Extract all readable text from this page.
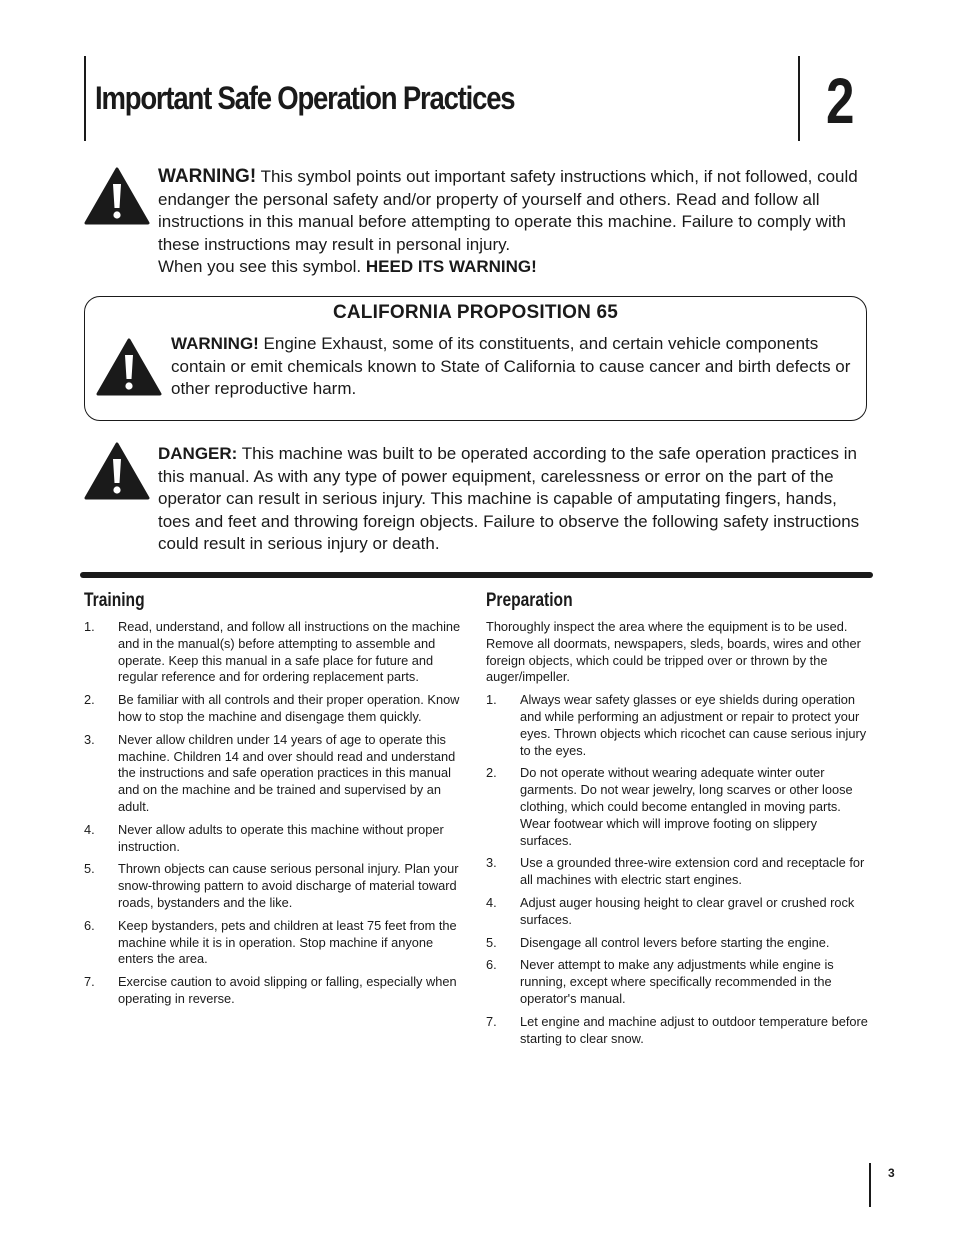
Important Safe Operation Practices	2
WARNING! This symbol points out important safety instructions which, if not followed, could endanger the personal safety and/or property of yourself and others. Read and follow all instructions in this manual before attempting to operate this machine. Failure to comply with these instructions may result in personal injury.
When you see this symbol. HEED ITS WARNING!
CALIFORNIA PROPOSITION 65
WARNING! Engine Exhaust, some of its constituents, and certain vehicle components contain or emit chemicals known to State of California to cause cancer and birth defects or other reproductive harm.
DANGER: This machine was built to be operated according to the safe operation practices in this manual. As with any type of power equipment, carelessness or error on the part of the operator can result in serious injury. This machine is capable of amputating fingers, hands, toes and feet and throwing foreign objects. Failure to observe the following safety instructions could result in serious injury or death.
Training
1.	Read, understand, and follow all instructions on the machine and in the manual(s) before attempting to assemble and operate. Keep this manual in a safe place for future and regular reference and for ordering replacement parts.
2.	Be familiar with all controls and their proper operation. Know how to stop the machine and disengage them quickly.
3.	Never allow children under 14 years of age to operate this machine. Children 14 and over should read and understand the instructions and safe operation practices in this manual and on the machine and be trained and supervised by an adult.
4.	Never allow adults to operate this machine without proper instruction.
5.	Thrown objects can cause serious personal injury. Plan your snow-throwing pattern to avoid discharge of material toward roads, bystanders and the like.
6.	Keep bystanders, pets and children at least 75 feet from the machine while it is in operation. Stop machine if anyone enters the area.
7.	Exercise caution to avoid slipping or falling, especially when operating in reverse.
Preparation
Thoroughly inspect the area where the equipment is to be used. Remove all doormats, newspapers, sleds, boards, wires and other foreign objects, which could be tripped over or thrown by the auger/impeller.
1.	Always wear safety glasses or eye shields during operation and while performing an adjustment or repair to protect your eyes. Thrown objects which ricochet can cause serious injury to the eyes.
2.	Do not operate without wearing adequate winter outer garments. Do not wear jewelry, long scarves or other loose clothing, which could become entangled in moving parts. Wear footwear which will improve footing on slippery surfaces.
3.	Use a grounded three-wire extension cord and receptacle for all machines with electric start engines.
4.	Adjust auger housing height to clear gravel or crushed rock surfaces.
5.	Disengage all control levers before starting the engine.
6.	Never attempt to make any adjustments while engine is running, except where specifically recommended in the operator's manual.
7.	Let engine and machine adjust to outdoor temperature before starting to clear snow.
3
